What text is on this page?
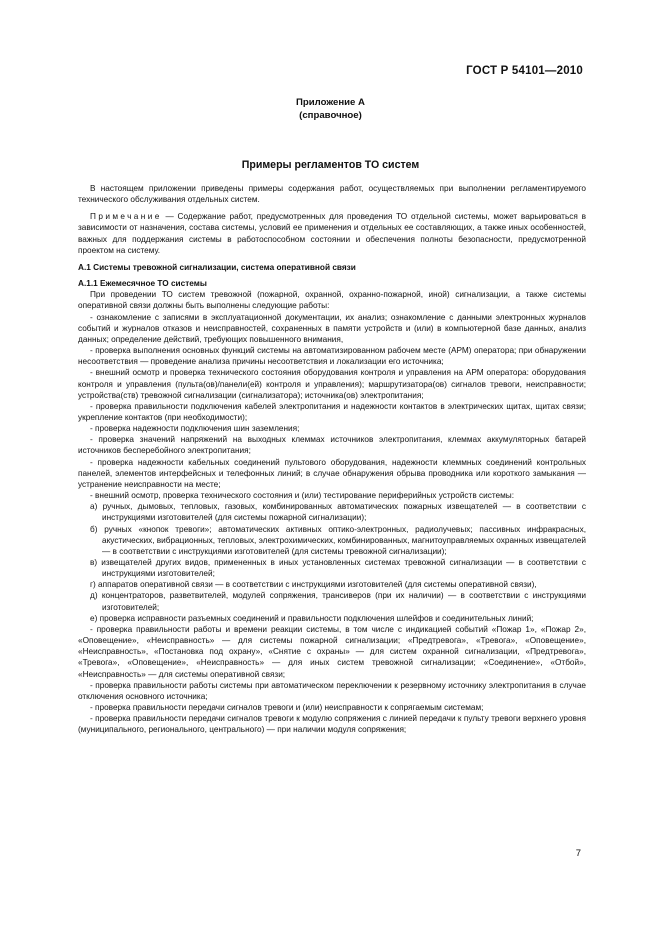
ГОСТ Р 54101—2010
Приложение А
(справочное)
Примеры регламентов ТО систем

В настоящем приложении приведены примеры содержания работ, осуществляемых при выполнении регламентируемого технического обслуживания отдельных систем.

Примечание — Содержание работ, предусмотренных для проведения ТО отдельной системы, может варьироваться в зависимости от назначения, состава системы, условий ее применения и отдельных ее составляющих, а также иных особенностей, важных для поддержания системы в работоспособном состоянии и обеспечения полноты безопасности, предусмотренной проектом на систему.

А.1 Системы тревожной сигнализации, система оперативной связи

А.1.1 Ежемесячное ТО системы

При проведении ТО систем тревожной (пожарной, охранной, охранно-пожарной, иной) сигнализации, а также системы оперативной связи должны быть выполнены следующие работы:

- ознакомление с записями в эксплуатационной документации, их анализ; ознакомление с данными электронных журналов событий и журналов отказов и неисправностей, сохраненных в памяти устройств и (или) в компьютерной базе данных, анализ данных; определение действий, требующих повышенного внимания,

- проверка выполнения основных функций системы на автоматизированном рабочем месте (АРМ) оператора; при обнаружении несоответствия — проведение анализа причины несоответствия и локализации его источника;

- внешний осмотр и проверка технического состояния оборудования контроля и управления на АРМ оператора: оборудования контроля и управления (пульта(ов)/панели(ей) контроля и управления); маршрутизатора(ов) сигналов тревоги, неисправности; устройства(ств) тревожной сигнализации (сигнализатора); источника(ов) электропитания;

- проверка правильности подключения кабелей электропитания и надежности контактов в электрических щитах, щитах связи; укрепление контактов (при необходимости);

- проверка надежности подключения шин заземления;

- проверка значений напряжений на выходных клеммах источников электропитания, клеммах аккумуляторных батарей источников бесперебойного электропитания;

- проверка надежности кабельных соединений пультового оборудования, надежности клеммных соединений контрольных панелей, элементов интерфейсных и телефонных линий; в случае обнаружения обрыва проводника или короткого замыкания — устранение неисправности на месте;

- внешний осмотр, проверка технического состояния и (или) тестирование периферийных устройств системы:

а) ручных, дымовых, тепловых, газовых, комбинированных автоматических пожарных извещателей — в соответствии с инструкциями изготовителей (для системы пожарной сигнализации);

б) ручных «кнопок тревоги»; автоматических активных оптико-электронных, радиолучевых; пассивных инфракрасных, акустических, вибрационных, тепловых, электрохимических, комбинированных, магнитоуправляемых охранных извещателей — в соответствии с инструкциями изготовителей (для системы тревожной сигнализации);

в) извещателей других видов, примененных в иных установленных системах тревожной сигнализации — в соответствии с инструкциями изготовителей;

г) аппаратов оперативной связи — в соответствии с инструкциями изготовителей (для системы оперативной связи),

д) концентраторов, разветвителей, модулей сопряжения, трансиверов (при их наличии) — в соответствии с инструкциями изготовителей;

е) проверка исправности разъемных соединений и правильности подключения шлейфов и соединительных линий;

- проверка правильности работы и времени реакции системы, в том числе с индикацией событий «Пожар 1», «Пожар 2», «Оповещение», «Неисправность» — для системы пожарной сигнализации; «Предтревога», «Тревога», «Оповещение», «Неисправность», «Постановка под охрану», «Снятие с охраны» — для систем охранной сигнализации, «Предтревога», «Тревога», «Оповещение», «Неисправность» — для иных систем тревожной сигнализации; «Соединение», «Отбой», «Неисправность» — для системы оперативной связи;

- проверка правильности работы системы при автоматическом переключении к резервному источнику электропитания в случае отключения основного источника;

- проверка правильности передачи сигналов тревоги и (или) неисправности к сопрягаемым системам;

- проверка правильности передачи сигналов тревоги к модулю сопряжения с линией передачи к пульту тревоги верхнего уровня (муниципального, регионального, центрального) — при наличии модуля сопряжения;

7
